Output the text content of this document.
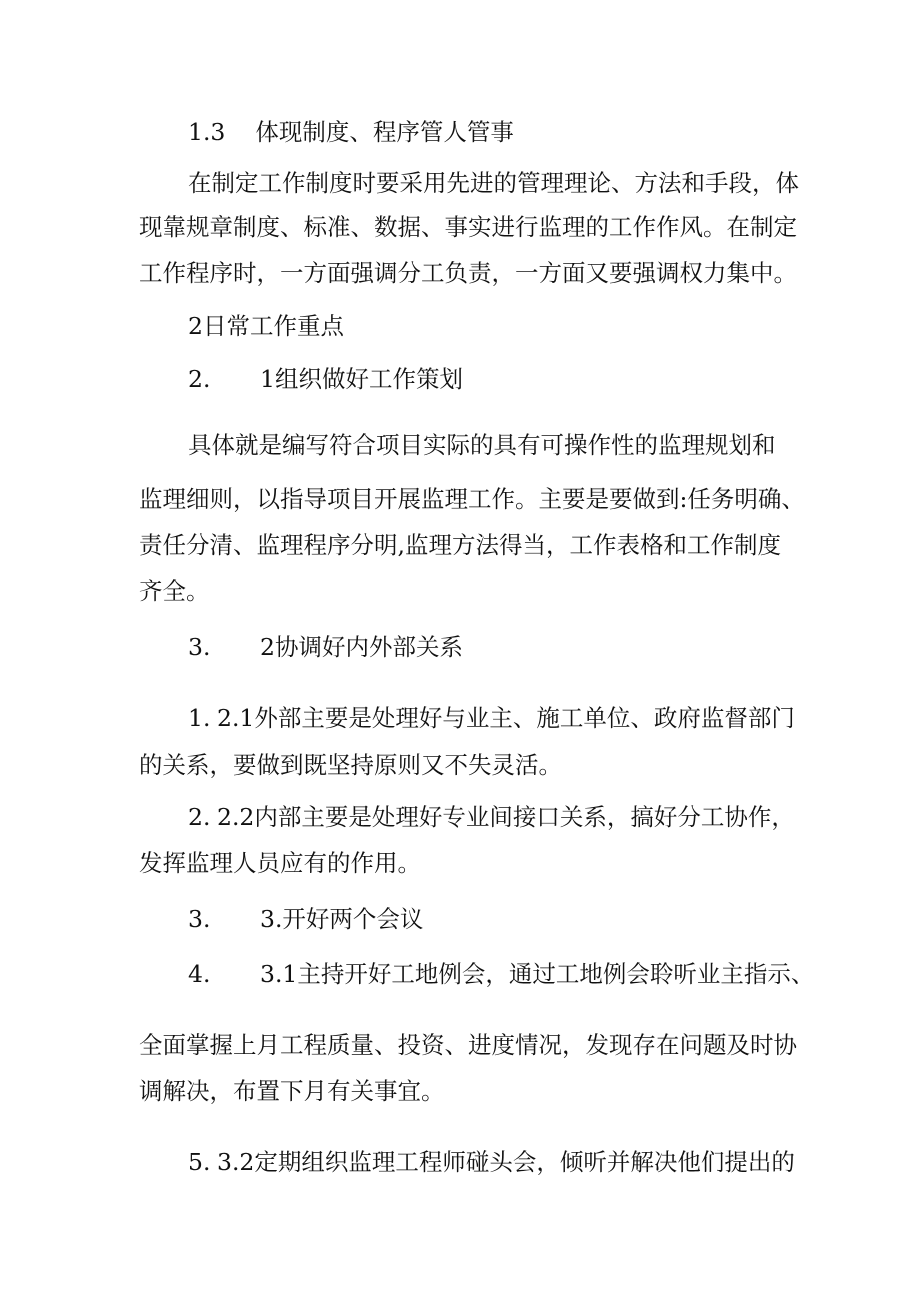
1.3 体现制度、程序管人管事
在制定工作制度时要采用先进的管理理论、方法和手段，体
现靠规章制度、标准、数据、事实进行监理的工作作风。在制定
工作程序时，一方面强调分工负责，一方面又要强调权力集中。
2日常工作重点
2. 1组织做好工作策划
具体就是编写符合项目实际的具有可操作性的监理规划和
监理细则，以指导项目开展监理工作。主要是要做到:任务明确、
责任分清、监理程序分明,监理方法得当，工作表格和工作制度
齐全。
3. 2协调好内外部关系
1. 2.1外部主要是处理好与业主、施工单位、政府监督部门
的关系，要做到既坚持原则又不失灵活。
2. 2.2内部主要是处理好专业间接口关系，搞好分工协作，
发挥监理人员应有的作用。
3. 3.开好两个会议
4. 3.1主持开好工地例会，通过工地例会聆听业主指示、
全面掌握上月工程质量、投资、进度情况，发现存在问题及时协
调解决，布置下月有关事宜。
5. 3.2定期组织监理工程师碰头会，倾听并解决他们提出的
